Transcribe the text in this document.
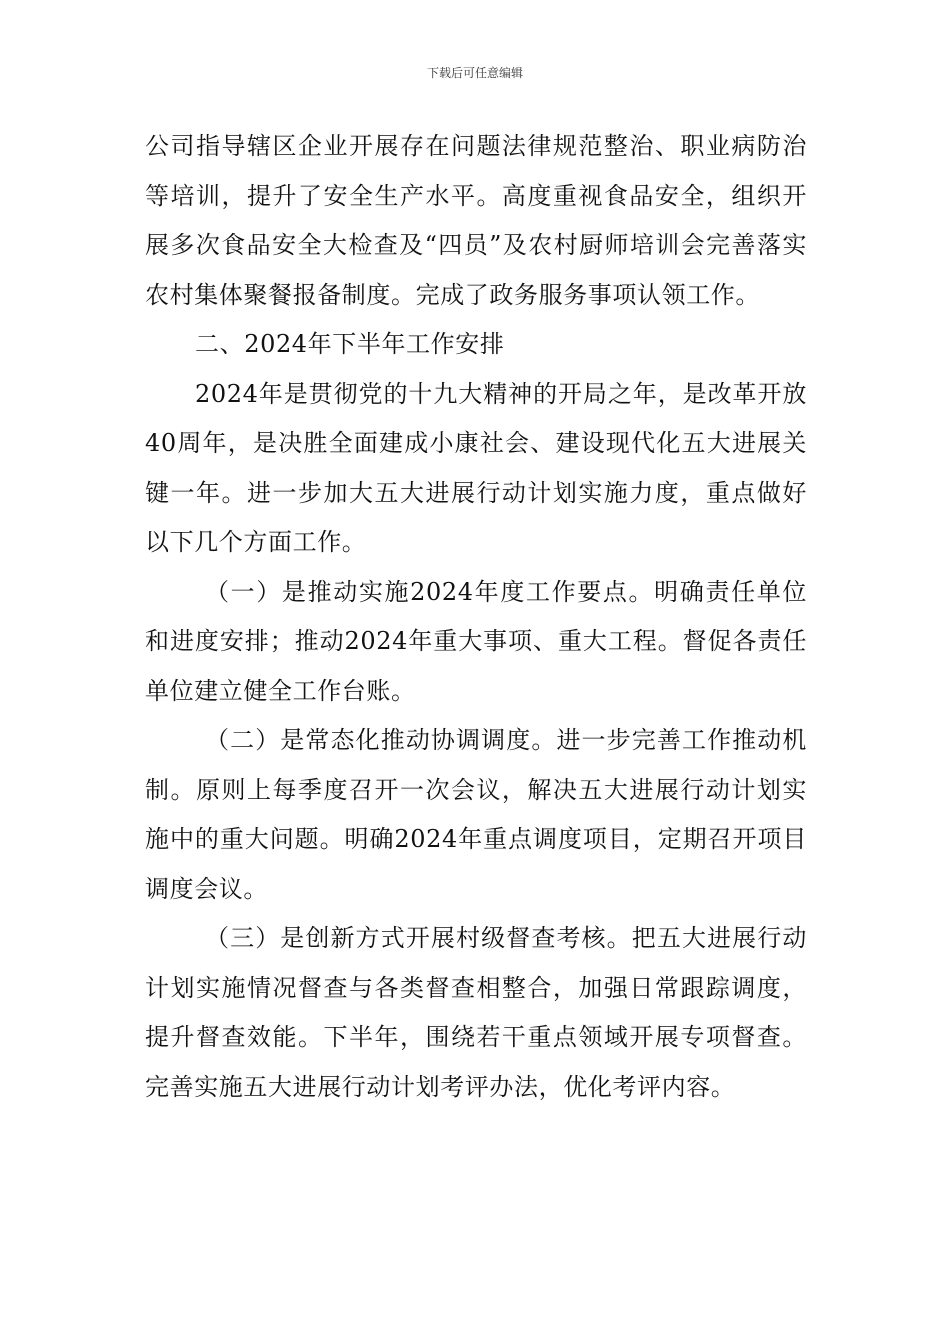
下载后可任意编辑

公司指导辖区企业开展存在问题法律规范整治、职业病防治等培训，提升了安全生产水平。高度重视食品安全，组织开展多次食品安全大检查及“四员”及农村厨师培训会完善落实农村集体聚餐报备制度。完成了政务服务事项认领工作。

二、2024年下半年工作安排

2024年是贯彻党的十九大精神的开局之年，是改革开放40周年，是决胜全面建成小康社会、建设现代化五大进展关键一年。进一步加大五大进展行动计划实施力度，重点做好以下几个方面工作。

（一）是推动实施2024年度工作要点。明确责任单位和进度安排；推动2024年重大事项、重大工程。督促各责任单位建立健全工作台账。

（二）是常态化推动协调调度。进一步完善工作推动机制。原则上每季度召开一次会议，解决五大进展行动计划实施中的重大问题。明确2024年重点调度项目，定期召开项目调度会议。

（三）是创新方式开展村级督查考核。把五大进展行动计划实施情况督查与各类督查相整合，加强日常跟踪调度，提升督查效能。下半年，围绕若干重点领域开展专项督查。完善实施五大进展行动计划考评办法，优化考评内容。
